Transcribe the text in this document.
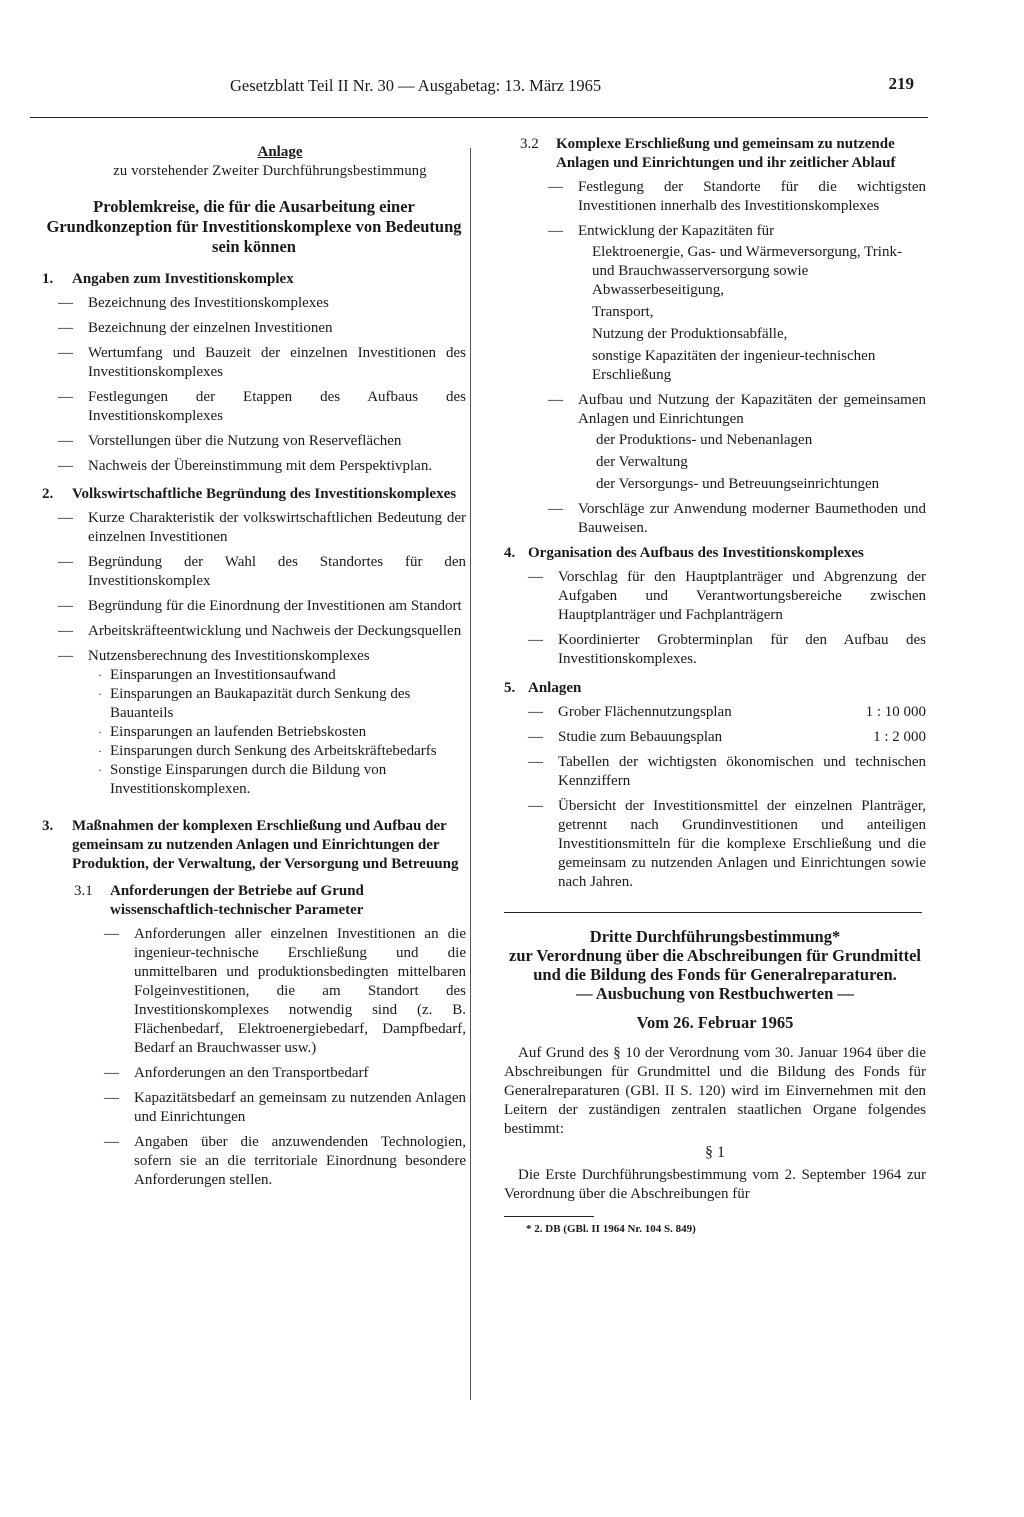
Gesetzblatt Teil II Nr. 30 — Ausgabetag: 13. März 1965	219
Anlage
zu vorstehender Zweiter Durchführungsbestimmung
Problemkreise, die für die Ausarbeitung einer Grundkonzeption für Investitionskomplexe von Bedeutung sein können
1.	Angaben zum Investitionskomplex
—	Bezeichnung des Investitionskomplexes
—	Bezeichnung der einzelnen Investitionen
—	Wertumfang und Bauzeit der einzelnen Investitionen des Investitionskomplexes
—	Festlegungen der Etappen des Aufbaus des Investitionskomplexes
—	Vorstellungen über die Nutzung von Reserveflächen
—	Nachweis der Übereinstimmung mit dem Perspektivplan.
2.	Volkswirtschaftliche Begründung des Investitionskomplexes
—	Kurze Charakteristik der volkswirtschaftlichen Bedeutung der einzelnen Investitionen
—	Begründung der Wahl des Standortes für den Investitionskomplex
—	Begründung für die Einordnung der Investitionen am Standort
—	Arbeitskräfteentwicklung und Nachweis der Deckungsquellen
—	Nutzensberechnung des Investitionskomplexes
· Einsparungen an Investitionsaufwand
· Einsparungen an Baukapazität durch Senkung des Bauanteils
· Einsparungen an laufenden Betriebskosten
· Einsparungen durch Senkung des Arbeitskräftebedarfs
· Sonstige Einsparungen durch die Bildung von Investitionskomplexen.
3.	Maßnahmen der komplexen Erschließung und Aufbau der gemeinsam zu nutzenden Anlagen und Einrichtungen der Produktion, der Verwaltung, der Versorgung und Betreuung
3.1	Anforderungen der Betriebe auf Grund wissenschaftlich-technischer Parameter
—	Anforderungen aller einzelnen Investitionen an die ingenieur-technische Erschließung und die unmittelbaren und produktionsbedingten mittelbaren Folgeinvestitionen, die am Standort des Investitionskomplexes notwendig sind (z. B. Flächenbedarf, Elektroenergiebedarf, Dampfbedarf, Bedarf an Brauchwasser usw.)
—	Anforderungen an den Transportbedarf
—	Kapazitätsbedarf an gemeinsam zu nutzenden Anlagen und Einrichtungen
—	Angaben über die anzuwendenden Technologien, sofern sie an die territoriale Einordnung besondere Anforderungen stellen.
3.2	Komplexe Erschließung und gemeinsam zu nutzende Anlagen und Einrichtungen und ihr zeitlicher Ablauf
—	Festlegung der Standorte für die wichtigsten Investitionen innerhalb des Investitionskomplexes
—	Entwicklung der Kapazitäten für

Elektroenergie, Gas- und Wärmeversorgung, Trink- und Brauchwasserversorgung sowie Abwasserbeseitigung,

Transport,

Nutzung der Produktionsabfälle,

sonstige Kapazitäten der ingenieur-technischen Erschließung

—	Aufbau und Nutzung der Kapazitäten der gemeinsamen Anlagen und Einrichtungen

der Produktions- und Nebenanlagen

der Verwaltung

der Versorgungs- und Betreuungseinrichtungen

—	Vorschläge zur Anwendung moderner Baumethoden und Bauweisen.
4. Organisation des Aufbaus des Investitionskomplexes
—	Vorschlag für den Hauptplanträger und Abgrenzung der Aufgaben und Verantwortungsbereiche zwischen Hauptplanträger und Fachplanträgern
—	Koordinierter Grobterminplan für den Aufbau des Investitionskomplexes.
5. Anlagen
—	Grober Flächennutzungsplan	1 : 10 000
—	Studie zum Bebauungsplan	1 : 2 000
—	Tabellen der wichtigsten ökonomischen und technischen Kennziffern
—	Übersicht der Investitionsmittel der einzelnen Planträger, getrennt nach Grundinvestitionen und anteiligen Investitionsmitteln für die komplexe Erschließung und die gemeinsam zu nutzenden Anlagen und Einrichtungen sowie nach Jahren.
Dritte Durchführungsbestimmung*
zur Verordnung über die Abschreibungen für Grundmittel und die Bildung des Fonds für Generalreparaturen.
— Ausbuchung von Restbuchwerten —
Vom 26. Februar 1965

Auf Grund des § 10 der Verordnung vom 30. Januar 1964 über die Abschreibungen für Grundmittel und die Bildung des Fonds für Generalreparaturen (GBl. II S. 120) wird im Einvernehmen mit den Leitern der zuständigen zentralen staatlichen Organe folgendes bestimmt:

§ 1

Die Erste Durchführungsbestimmung vom 2. September 1964 zur Verordnung über die Abschreibungen für

* 2. DB (GBl. II 1964 Nr. 104 S. 849)
